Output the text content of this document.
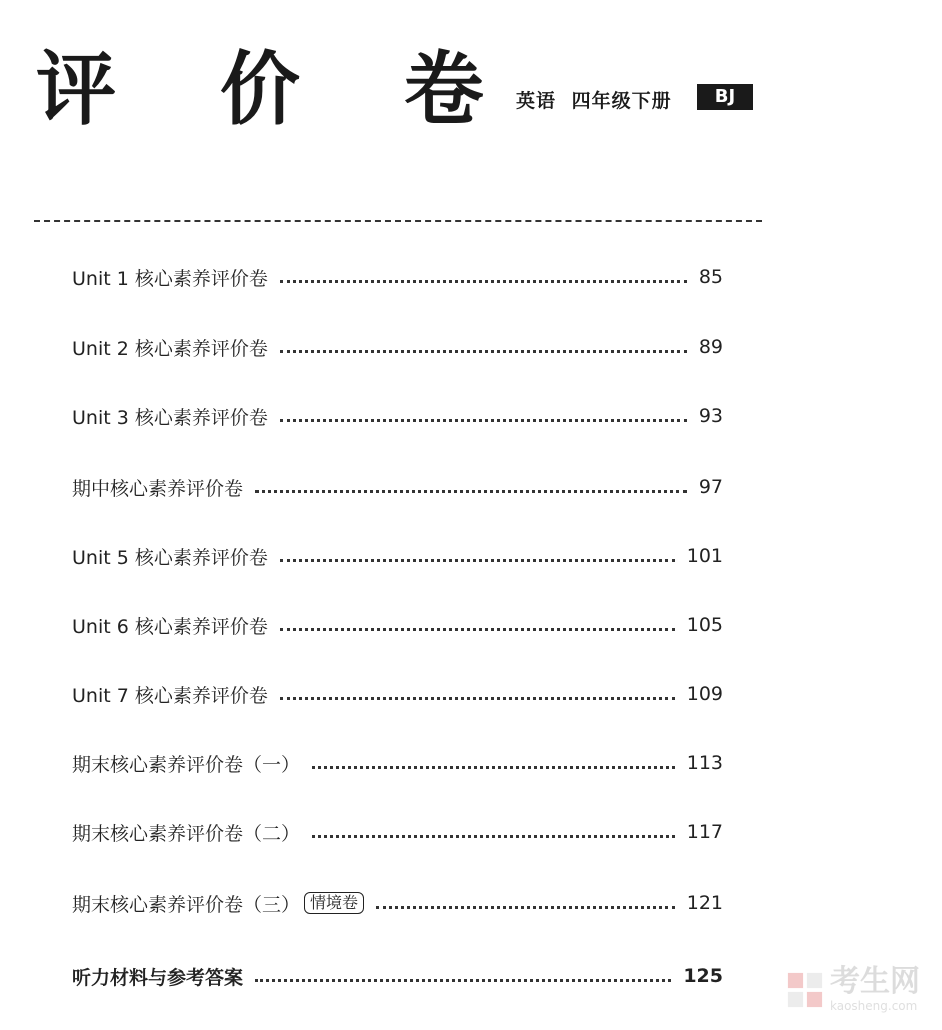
评 价 卷
英语 四年级下册	BJ
Unit 1 核心素养评价卷	85
Unit 2 核心素养评价卷	89
Unit 3 核心素养评价卷	93
期中核心素养评价卷	97
Unit 5 核心素养评价卷	101
Unit 6 核心素养评价卷	105
Unit 7 核心素养评价卷	109
期末核心素养评价卷（一）	113
期末核心素养评价卷（二）	117
期末核心素养评价卷（三） 情境卷	121
听力材料与参考答案	125	考生网
kaosheng.com
